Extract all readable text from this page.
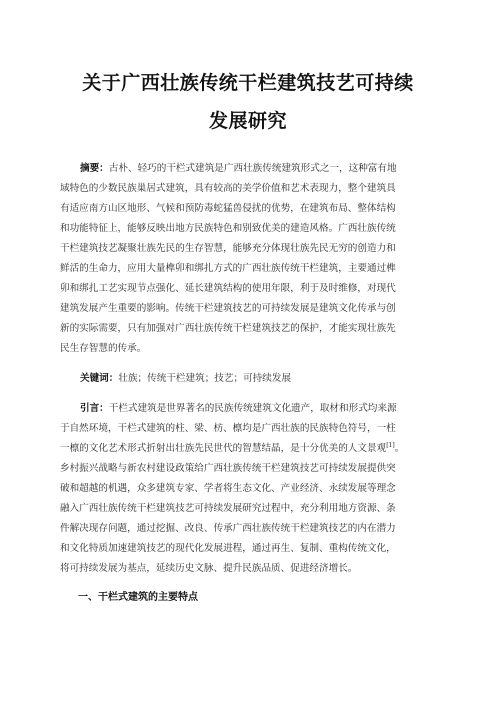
关于广西壮族传统干栏建筑技艺可持续
发展研究
摘要：古朴、轻巧的干栏式建筑是广西壮族传统建筑形式之一，这种富有地
域特色的少数民族巢居式建筑，具有较高的美学价值和艺术表现力，整个建筑具
有适应南方山区地形、气候和预防毒蛇猛兽侵扰的优势，在建筑布局、整体结构
和功能特征上，能够反映出地方民族特色和别致优美的建造风格。广西壮族传统
干栏建筑技艺凝聚壮族先民的生存智慧，能够充分体现壮族先民无穷的创造力和
鲜活的生命力，应用大量榫卯和绑扎方式的广西壮族传统干栏建筑，主要通过榫
卯和绑扎工艺实现节点强化、延长建筑结构的使用年限，利于及时维修，对现代
建筑发展产生重要的影响。传统干栏建筑技艺的可持续发展是建筑文化传承与创
新的实际需要，只有加强对广西壮族传统干栏建筑技艺的保护，才能实现壮族先
民生存智慧的传承。
关键词：壮族；传统干栏建筑；技艺；可持续发展
引言：干栏式建筑是世界著名的民族传统建筑文化遗产，取材和形式均来源
于自然环境，干栏式建筑的柱、梁、枋、檩均是广西壮族的民族特色符号，一柱
一檩的文化艺术形式折射出壮族先民世代的智慧结晶，是十分优美的人文景观[1]。
乡村振兴战略与新农村建设政策给广西壮族传统干栏建筑技艺可持续发展提供突
破和超越的机遇，众多建筑专家、学者将生态文化、产业经济、永续发展等理念
融入广西壮族传统干栏建筑技艺可持续发展研究过程中，充分利用地方资源、条
件解决现存问题，通过挖掘、改良、传承广西壮族传统干栏建筑技艺的内在潜力
和文化特质加速建筑技艺的现代化发展进程，通过再生、复制、重构传统文化，
将可持续发展为基点，延续历史文脉、提升民族品质、促进经济增长。
一、干栏式建筑的主要特点
